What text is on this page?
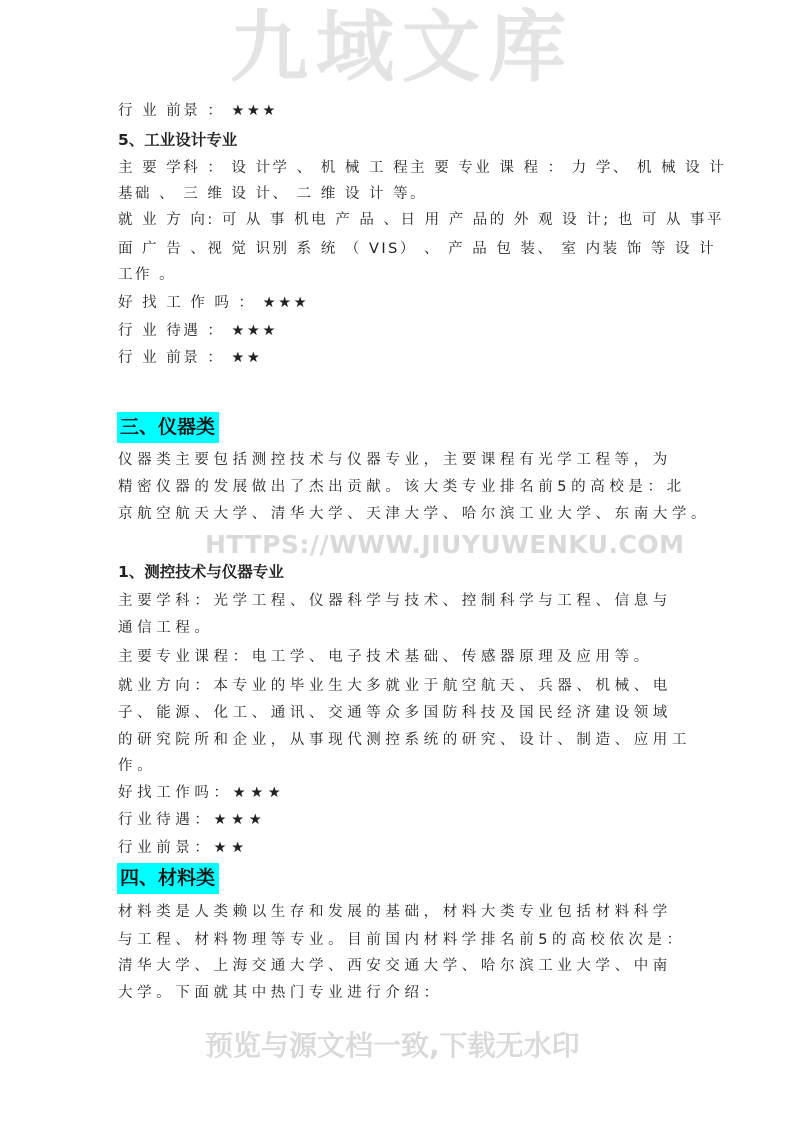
九域文库
HTTPS://WWW.JIUYUWENKU.COM
预览与源文档一致,下载无水印
行 业 前景 ： ★★★
5、工业设计专业
主 要 学科 ： 设 计学 、 机 械 工 程主 要 专业 课 程 ： 力 学、 机 械 设 计
基础 、 三 维 设 计、 二 维 设 计 等。
就 业 方 向: 可 从 事 机电 产 品 、日 用 产 品的 外 观 设 计; 也 可 从 事平
面 广 告 、视 觉 识别 系 统 （ VIS） 、 产 品 包 装、 室 内装 饰 等 设 计
工作 。
好 找 工 作 吗 ： ★★★
行 业 待遇 ： ★★★
行 业 前景 ： ★★
三、仪器类
仪器类主要包括测控技术与仪器专业，主要课程有光学工程等，为
精密仪器的发展做出了杰出贡献。该大类专业排名前5的高校是：北
京航空航天大学、清华大学、天津大学、哈尔滨工业大学、东南大学。
1、测控技术与仪器专业
主要学科：光学工程、仪器科学与技术、控制科学与工程、信息与
通信工程。
主要专业课程：电工学、电子技术基础、传感器原理及应用等。
就业方向：本专业的毕业生大多就业于航空航天、兵器、机械、电
子、能源、化工、通讯、交通等众多国防科技及国民经济建设领域
的研究院所和企业，从事现代测控系统的研究、设计、制造、应用工
作。
好找工作吗：★★★
行业待遇：★★★
行业前景：★★
四、材料类
材料类是人类赖以生存和发展的基础，材料大类专业包括材料科学
与工程、材料物理等专业。目前国内材料学排名前5的高校依次是：
清华大学、上海交通大学、西安交通大学、哈尔滨工业大学、中南
大学。下面就其中热门专业进行介绍：
